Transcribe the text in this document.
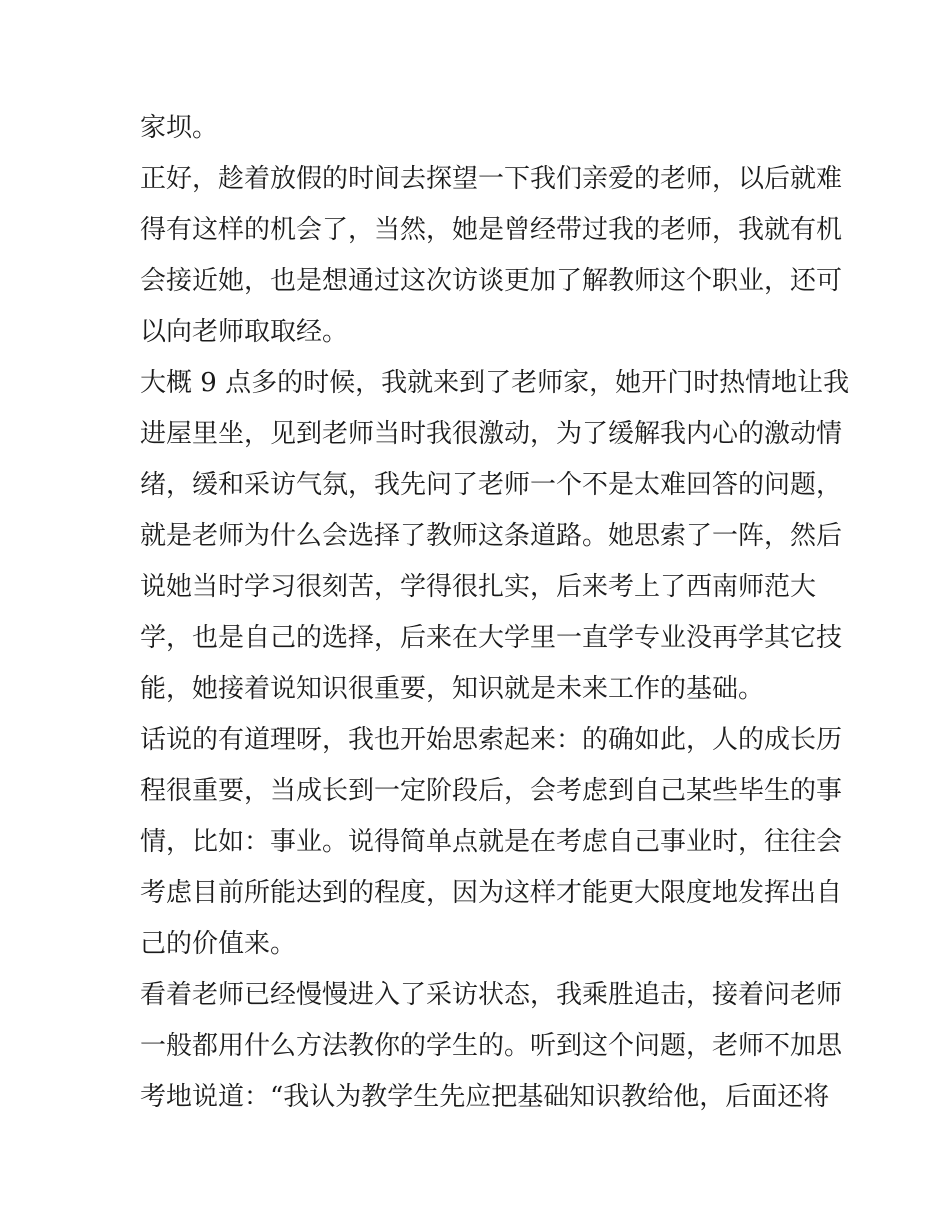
家坝。
正好，趁着放假的时间去探望一下我们亲爱的老师，以后就难
得有这样的机会了，当然，她是曾经带过我的老师，我就有机
会接近她，也是想通过这次访谈更加了解教师这个职业，还可
以向老师取取经。
大概 9 点多的时候，我就来到了老师家，她开门时热情地让我
进屋里坐，见到老师当时我很激动，为了缓解我内心的激动情
绪，缓和采访气氛，我先问了老师一个不是太难回答的问题，
就是老师为什么会选择了教师这条道路。她思索了一阵，然后
说她当时学习很刻苦，学得很扎实，后来考上了西南师范大
学，也是自己的选择，后来在大学里一直学专业没再学其它技
能，她接着说知识很重要，知识就是未来工作的基础。
话说的有道理呀，我也开始思索起来：的确如此，人的成长历
程很重要，当成长到一定阶段后，会考虑到自己某些毕生的事
情，比如：事业。说得简单点就是在考虑自己事业时，往往会
考虑目前所能达到的程度，因为这样才能更大限度地发挥出自
己的价值来。
看着老师已经慢慢进入了采访状态，我乘胜追击，接着问老师
一般都用什么方法教你的学生的。听到这个问题，老师不加思
考地说道：“我认为教学生先应把基础知识教给他，后面还将
